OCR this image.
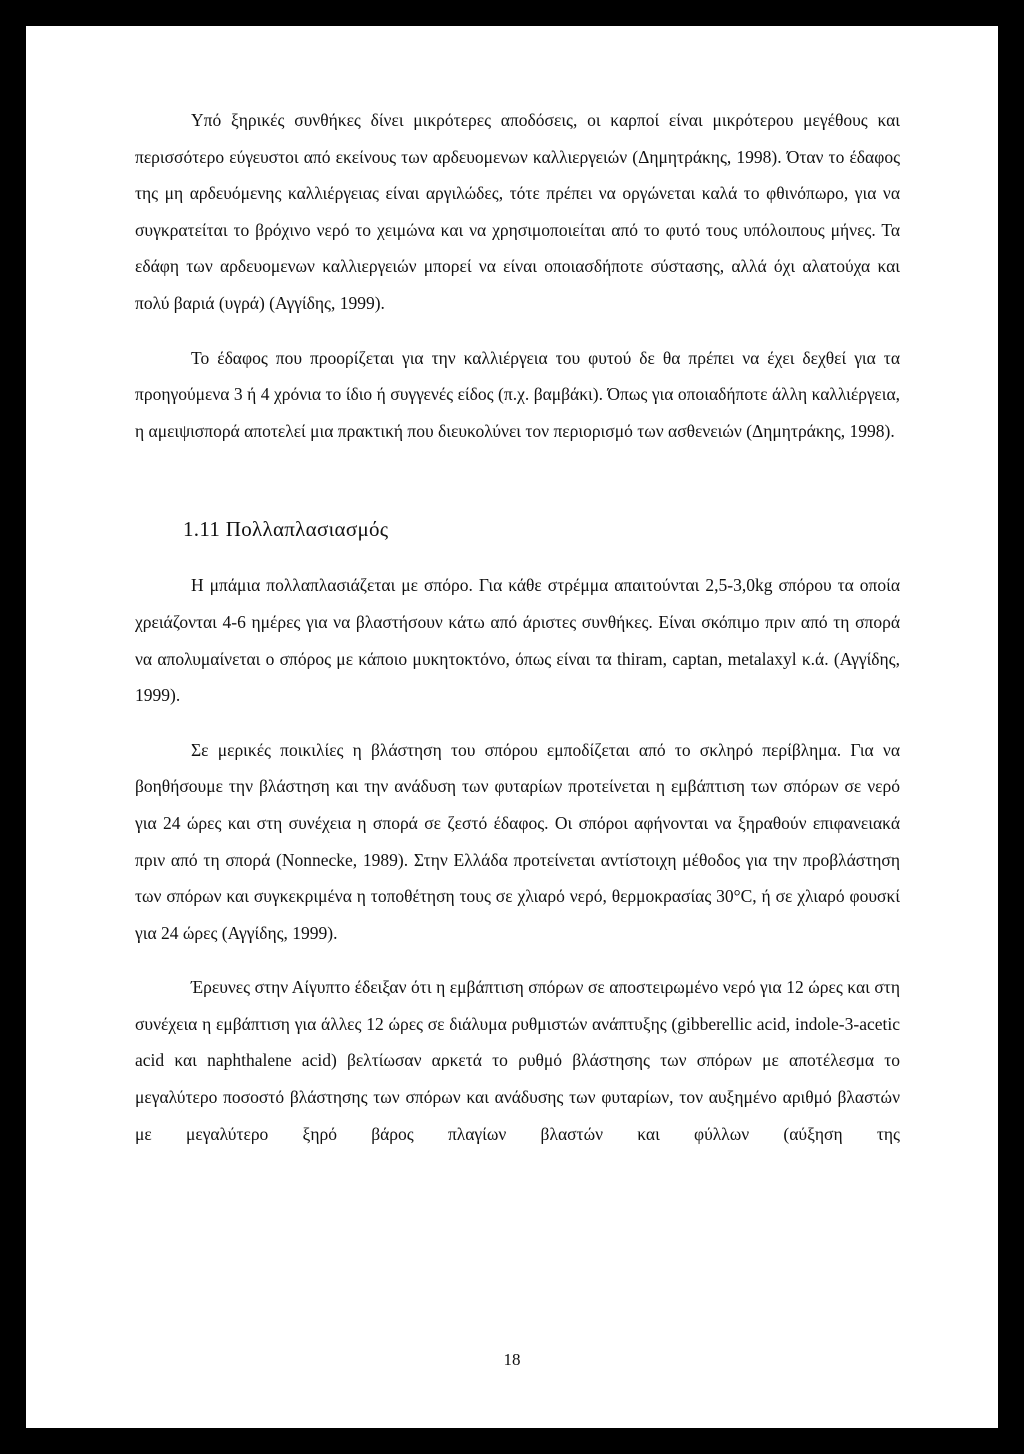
Υπό ξηρικές συνθήκες δίνει μικρότερες αποδόσεις, οι καρποί είναι μικρότερου μεγέθους και περισσότερο εύγευστοι από εκείνους των αρδευομενων καλλιεργειών (Δημητράκης, 1998). Όταν το έδαφος της μη αρδευόμενης καλλιέργειας είναι αργιλώδες, τότε πρέπει να οργώνεται καλά το φθινόπωρο, για να συγκρατείται το βρόχινο νερό το χειμώνα και να χρησιμοποιείται από το φυτό τους υπόλοιπους μήνες. Τα εδάφη των αρδευομενων καλλιεργειών μπορεί να είναι οποιασδήποτε σύστασης, αλλά όχι αλατούχα και πολύ βαριά (υγρά) (Αγγίδης, 1999).

Το έδαφος που προορίζεται για την καλλιέργεια του φυτού δε θα πρέπει να έχει δεχθεί για τα προηγούμενα 3 ή 4 χρόνια το ίδιο ή συγγενές είδος (π.χ. βαμβάκι). Όπως για οποιαδήποτε άλλη καλλιέργεια, η αμειψισπορά αποτελεί μια πρακτική που διευκολύνει τον περιορισμό των ασθενειών (Δημητράκης, 1998).

1.11 Πολλαπλασιασμός

Η μπάμια πολλαπλασιάζεται με σπόρο. Για κάθε στρέμμα απαιτούνται 2,5-3,0kg σπόρου τα οποία χρειάζονται 4-6 ημέρες για να βλαστήσουν κάτω από άριστες συνθήκες. Είναι σκόπιμο πριν από τη σπορά να απολυμαίνεται ο σπόρος με κάποιο μυκητοκτόνο, όπως είναι τα thiram, captan, metalaxyl κ.ά. (Αγγίδης, 1999).

Σε μερικές ποικιλίες η βλάστηση του σπόρου εμποδίζεται από το σκληρό περίβλημα. Για να βοηθήσουμε την βλάστηση και την ανάδυση των φυταρίων προτείνεται η εμβάπτιση των σπόρων σε νερό για 24 ώρες και στη συνέχεια η σπορά σε ζεστό έδαφος. Οι σπόροι αφήνονται να ξηραθούν επιφανειακά πριν από τη σπορά (Nonnecke, 1989). Στην Ελλάδα προτείνεται αντίστοιχη μέθοδος για την προβλάστηση των σπόρων και συγκεκριμένα η τοποθέτηση τους σε χλιαρό νερό, θερμοκρασίας 30°C, ή σε χλιαρό φουσκί για 24 ώρες (Αγγίδης, 1999).

Έρευνες στην Αίγυπτο έδειξαν ότι η εμβάπτιση σπόρων σε αποστειρωμένο νερό για 12 ώρες και στη συνέχεια η εμβάπτιση για άλλες 12 ώρες σε διάλυμα ρυθμιστών ανάπτυξης (gibberellic acid, indole-3-acetic acid και naphthalene acid) βελτίωσαν αρκετά το ρυθμό βλάστησης των σπόρων με αποτέλεσμα το μεγαλύτερο ποσοστό βλάστησης των σπόρων και ανάδυσης των φυταρίων, τον αυξημένο αριθμό βλαστών με μεγαλύτερο ξηρό βάρος πλαγίων βλαστών και φύλλων (αύξηση της

18
